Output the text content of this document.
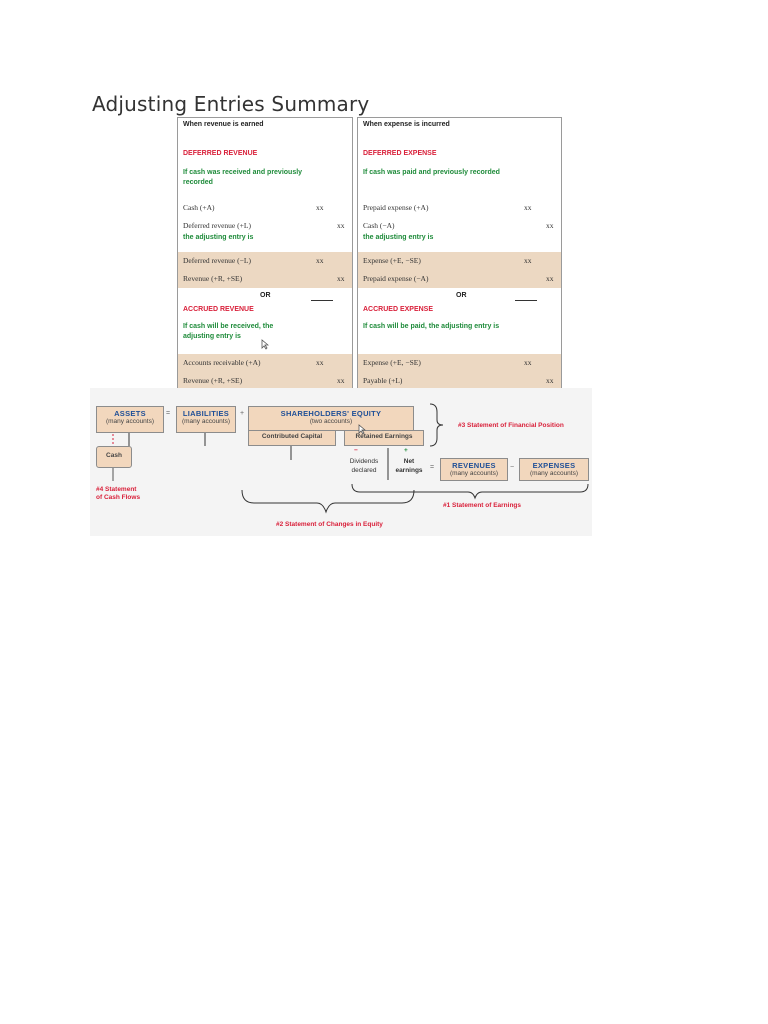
Adjusting Entries Summary
When revenue is earned
DEFERRED REVENUE
If cash was received and previously
recorded
Cash (+A)	xx
Deferred revenue (+L)	xx
the adjusting entry is
Deferred revenue (−L)	xx
Revenue (+R, +SE)	xx
OR
ACCRUED REVENUE
If cash will be received, the
adjusting entry is
Accounts receivable (+A)	xx
Revenue (+R, +SE)	xx
When expense is incurred
DEFERRED EXPENSE
If cash was paid and previously recorded
Prepaid expense (+A)	xx
Cash (−A)	xx
the adjusting entry is
Expense (+E, −SE)	xx
Prepaid expense (−A)	xx
OR
ACCRUED EXPENSE
If cash will be paid, the adjusting entry is
Expense (+E, −SE)	xx
Payable (+L)	xx
ASSETS
(many accounts)
=	LIABILITIES
(many accounts)
+	SHAREHOLDERS' EQUITY
(two accounts)
Contributed Capital	Retained Earnings
Cash
#4 Statement
of Cash Flows
−	+
Dividends
declared
Net
earnings	=	REVENUES
(many accounts)
−	EXPENSES
(many accounts)
#3 Statement of Financial Position
#1 Statement of Earnings
#2 Statement of Changes in Equity
